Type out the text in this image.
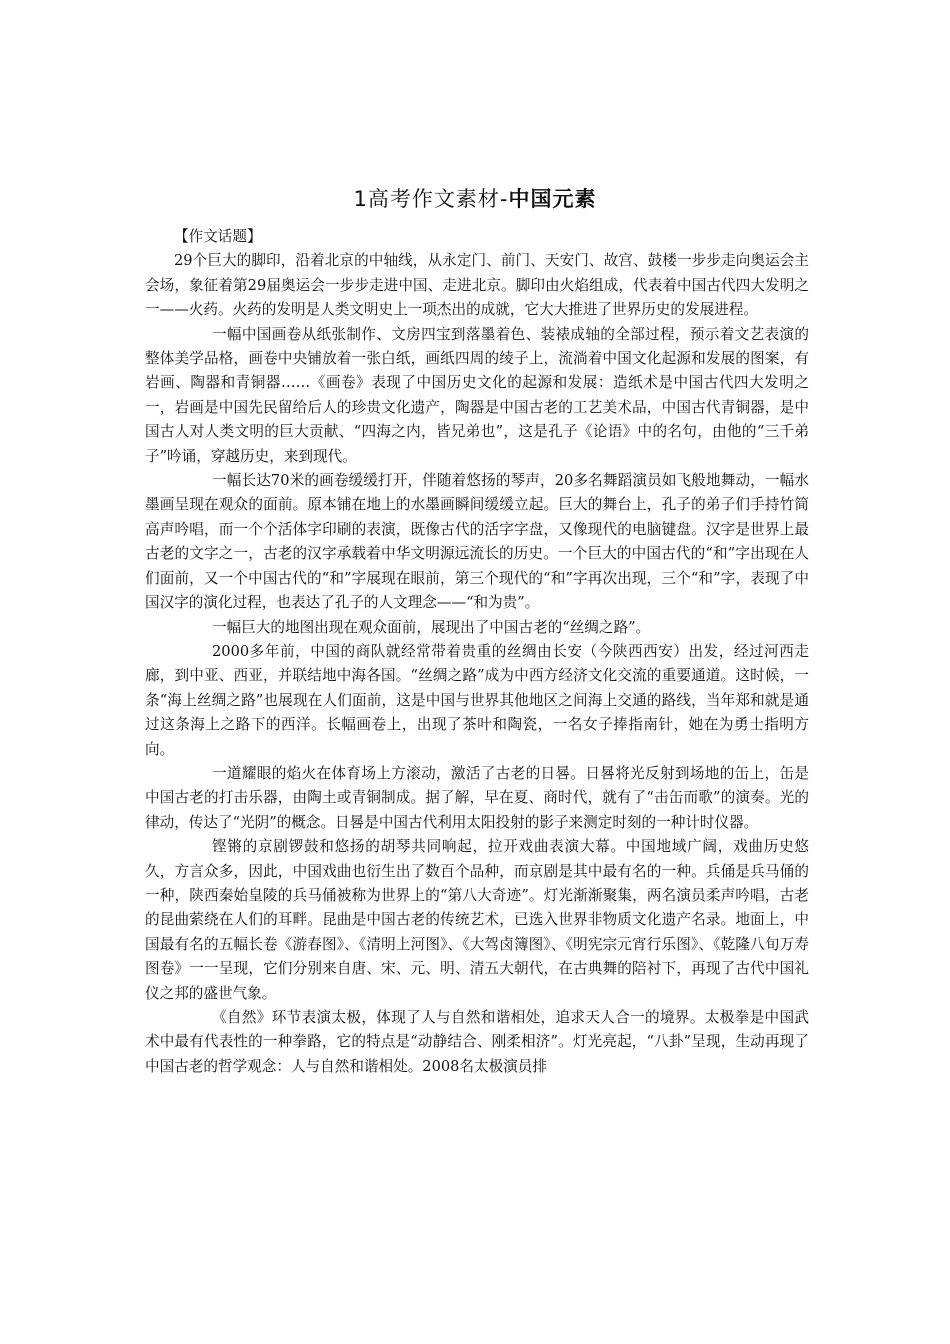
1高考作文素材-中国元素

【作文话题】

29个巨大的脚印，沿着北京的中轴线，从永定门、前门、天安门、故宫、鼓楼一步步走向奥运会主会场，象征着第29届奥运会一步步走进中国、走进北京。脚印由火焰组成，代表着中国古代四大发明之一——火药。火药的发明是人类文明史上一项杰出的成就，它大大推进了世界历史的发展进程。

一幅中国画卷从纸张制作、文房四宝到落墨着色、装裱成轴的全部过程，预示着文艺表演的整体美学品格，画卷中央铺放着一张白纸，画纸四周的绫子上，流淌着中国文化起源和发展的图案，有岩画、陶器和青铜器……《画卷》表现了中国历史文化的起源和发展：造纸术是中国古代四大发明之一，岩画是中国先民留给后人的珍贵文化遗产，陶器是中国古老的工艺美术品，中国古代青铜器，是中国古人对人类文明的巨大贡献、“四海之内，皆兄弟也”，这是孔子《论语》中的名句，由他的“三千弟子”吟诵，穿越历史，来到现代。

一幅长达70米的画卷缓缓打开，伴随着悠扬的琴声，20多名舞蹈演员如飞般地舞动，一幅水墨画呈现在观众的面前。原本铺在地上的水墨画瞬间缓缓立起。巨大的舞台上，孔子的弟子们手持竹简高声吟唱，而一个个活体字印刷的表演，既像古代的活字字盘，又像现代的电脑键盘。汉字是世界上最古老的文字之一，古老的汉字承载着中华文明源远流长的历史。一个巨大的中国古代的“和”字出现在人们面前，又一个中国古代的“和”字展现在眼前，第三个现代的“和”字再次出现，三个“和”字，表现了中国汉字的演化过程，也表达了孔子的人文理念——“和为贵”。

一幅巨大的地图出现在观众面前，展现出了中国古老的“丝绸之路”。

2000多年前，中国的商队就经常带着贵重的丝绸由长安（今陕西西安）出发，经过河西走廊，到中亚、西亚，并联结地中海各国。“丝绸之路”成为中西方经济文化交流的重要通道。这时候，一条“海上丝绸之路”也展现在人们面前，这是中国与世界其他地区之间海上交通的路线，当年郑和就是通过这条海上之路下的西洋。长幅画卷上，出现了茶叶和陶瓷，一名女子捧指南针，她在为勇士指明方向。

一道耀眼的焰火在体育场上方滚动，激活了古老的日晷。日晷将光反射到场地的缶上，缶是中国古老的打击乐器，由陶土或青铜制成。据了解，早在夏、商时代，就有了“击缶而歌”的演奏。光的律动，传达了“光阴”的概念。日晷是中国古代利用太阳投射的影子来测定时刻的一种计时仪器。

铿锵的京剧锣鼓和悠扬的胡琴共同响起，拉开戏曲表演大幕。中国地域广阔，戏曲历史悠久，方言众多，因此，中国戏曲也衍生出了数百个品种，而京剧是其中最有名的一种。兵俑是兵马俑的一种，陕西秦始皇陵的兵马俑被称为世界上的“第八大奇迹”。灯光渐渐聚集，两名演员柔声吟唱，古老的昆曲萦绕在人们的耳畔。昆曲是中国古老的传统艺术，已选入世界非物质文化遗产名录。地面上，中国最有名的五幅长卷《游春图》、《清明上河图》、《大驾卤簿图》、《明宪宗元宵行乐图》、《乾隆八旬万寿图卷》一一呈现，它们分别来自唐、宋、元、明、清五大朝代，在古典舞的陪衬下，再现了古代中国礼仪之邦的盛世气象。

《自然》环节表演太极，体现了人与自然和谐相处，追求天人合一的境界。太极拳是中国武术中最有代表性的一种拳路，它的特点是“动静结合、刚柔相济”。灯光亮起，“八卦”呈现，生动再现了中国古老的哲学观念：人与自然和谐相处。2008名太极演员排
